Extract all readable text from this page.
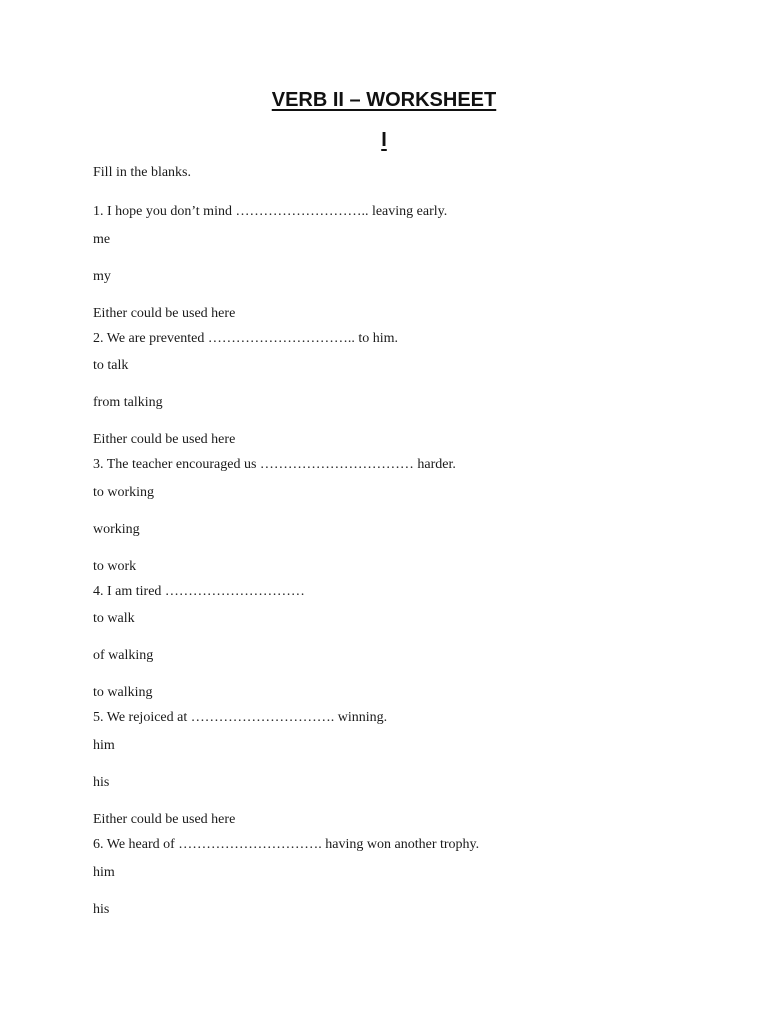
VERB II – WORKSHEET
I

Fill in the blanks.

1. I hope you don’t mind ……………………….. leaving early.

me

my

Either could be used here

2. We are prevented ………………………….. to him.

to talk

from talking

Either could be used here

3. The teacher encouraged us …………………………… harder.

to working

working

to work

4. I am tired …………………………

to walk

of walking

to walking

5. We rejoiced at …………………………. winning.

him

his

Either could be used here

6. We heard of …………………………. having won another trophy.

him

his
